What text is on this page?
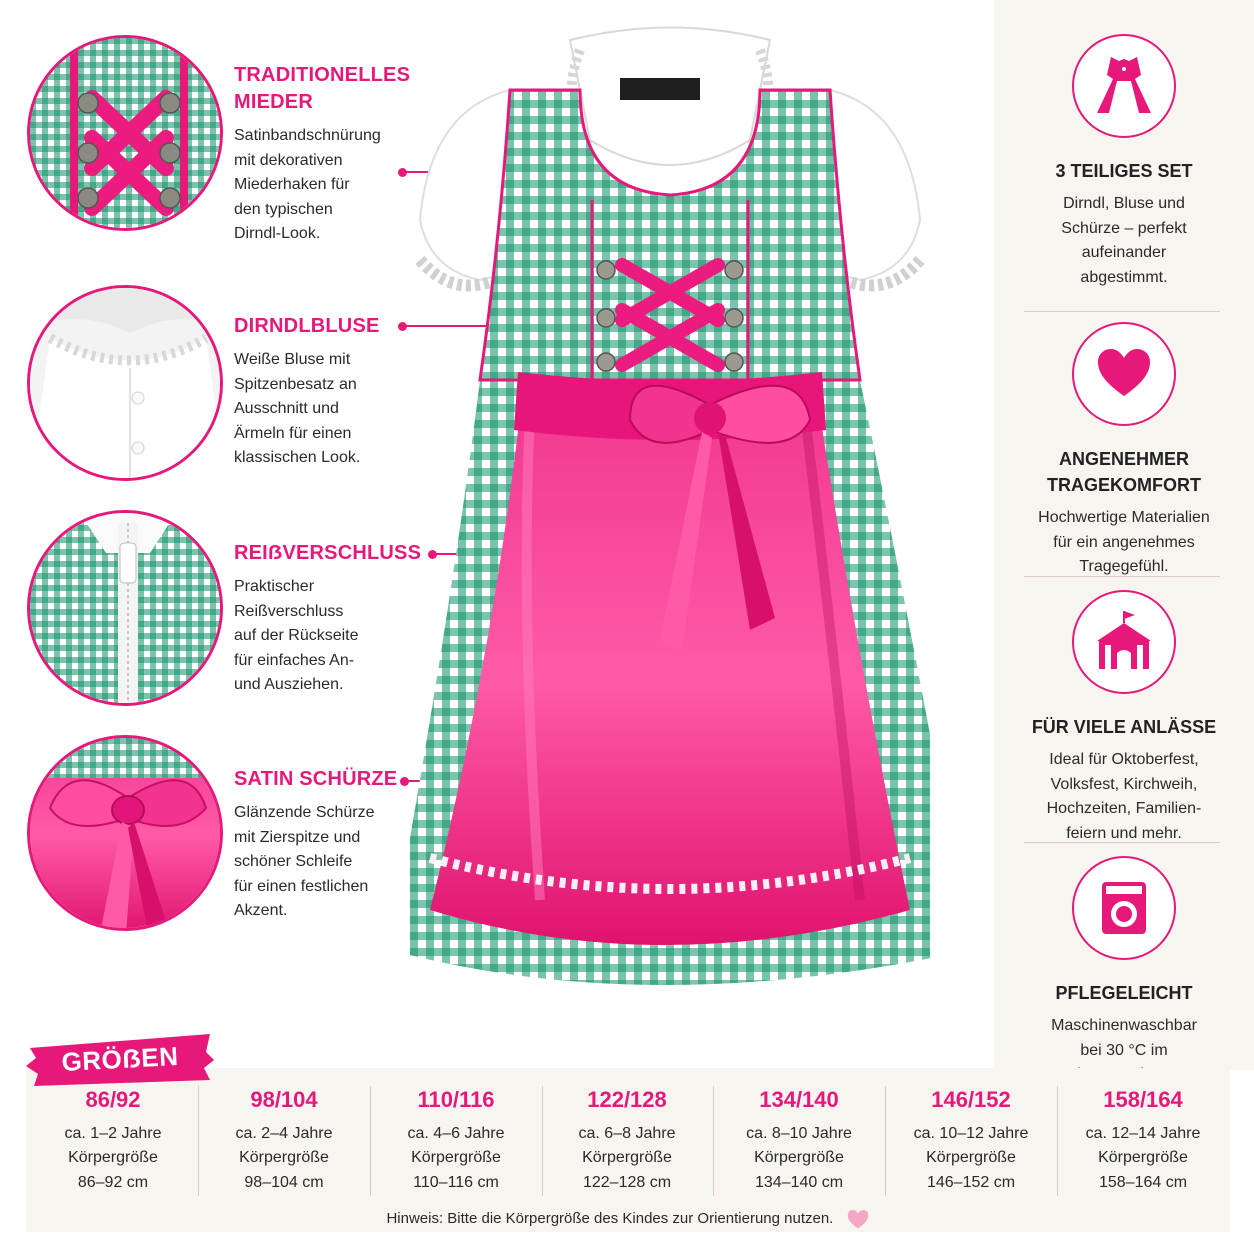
TRADITIONELLES
MIEDER
Satinbandschnürung
mit dekorativen
Miederhaken für
den typischen
Dirndl-Look.
DIRNDLBLUSE
Weiße Bluse mit
Spitzenbesatz an
Ausschnitt und
Ärmeln für einen
klassischen Look.
REIẞVERSCHLUSS
Praktischer
Reißverschluss
auf der Rückseite
für einfaches An-
und Ausziehen.
SATIN SCHÜRZE
Glänzende Schürze
mit Zierspitze und
schöner Schleife
für einen festlichen
Akzent.
3 TEILIGES SET
Dirndl, Bluse und
Schürze – perfekt
aufeinander
abgestimmt.
ANGENEHMER
TRAGEKOMFORT
Hochwertige Materialien
für ein angenehmes
Tragegefühl.
FÜR VIELE ANLÄSSE
Ideal für Oktoberfest,
Volksfest, Kirchweih,
Hochzeiten, Familien-
feiern und mehr.
PFLEGELEICHT
Maschinenwaschbar
bei 30 °C im
GRÖẞEN
86/92
ca. 1–2 Jahre
Körpergröße
86–92 cm
98/104
ca. 2–4 Jahre
Körpergröße
98–104 cm
110/116
ca. 4–6 Jahre
Körpergröße
110–116 cm
122/128
ca. 6–8 Jahre
Körpergröße
122–128 cm
134/140
ca. 8–10 Jahre
Körpergröße
134–140 cm
146/152
ca. 10–12 Jahre
Körpergröße
146–152 cm
158/164
ca. 12–14 Jahre
Körpergröße
158–164 cm
Hinweis: Bitte die Körpergröße des Kindes zur Orientierung nutzen.
